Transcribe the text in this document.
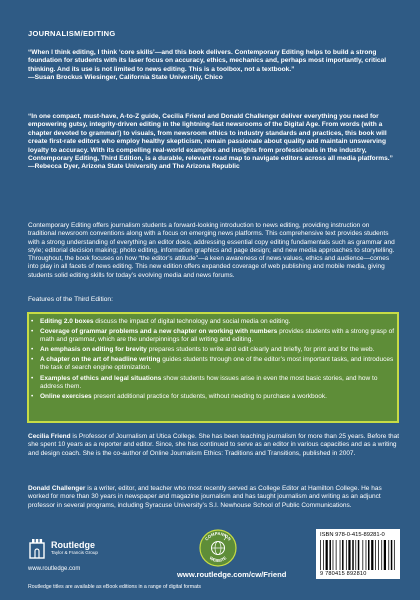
JOURNALISM/EDITING
“When I think editing, I think ‘core skills’—and this book delivers. Contemporary Editing helps to build a strong foundation for students with its laser focus on accuracy, ethics, mechanics and, perhaps most importantly, critical thinking. And its use is not limited to news editing. This is a toolbox, not a textbook.”
—Susan Brockus Wiesinger, California State University, Chico
“In one compact, must-have, A-to-Z guide, Cecilia Friend and Donald Challenger deliver everything you need for empowering gutsy, integrity-driven editing in the lightning-fast newsrooms of the Digital Age. From words (with a chapter devoted to grammar!) to visuals, from newsroom ethics to industry standards and practices, this book will create first-rate editors who employ healthy skepticism, remain passionate about quality and maintain unswerving loyalty to accuracy. With its compelling real-world examples and insights from professionals in the industry, Contemporary Editing, Third Edition, is a durable, relevant road map to navigate editors across all media platforms.”
—Rebecca Dyer, Arizona State University and The Arizona Republic
Contemporary Editing offers journalism students a forward-looking introduction to news editing, providing instruction on traditional newsroom conventions along with a focus on emerging news platforms. This comprehensive text provides students with a strong understanding of everything an editor does, addressing essential copy editing fundamentals such as grammar and style; editorial decision making; photo editing, information graphics and page design; and new media approaches to storytelling. Throughout, the book focuses on how “the editor’s attitude”—a keen awareness of news values, ethics and audience—comes into play in all facets of news editing. This new edition offers expanded coverage of web publishing and mobile media, giving students solid editing skills for today’s evolving media and news forums.
Features of the Third Edition:
• Editing 2.0 boxes discuss the impact of digital technology and social media on editing.
• Coverage of grammar problems and a new chapter on working with numbers provides students with a strong grasp of math and grammar, which are the underpinnings for all writing and editing.
• An emphasis on editing for brevity prepares students to write and edit clearly and briefly, for print and for the web.
• A chapter on the art of headline writing guides students through one of the editor’s most important tasks, and introduces the task of search engine optimization.
• Examples of ethics and legal situations show students how issues arise in even the most basic stories, and how to address them.
• Online exercises present additional practice for students, without needing to purchase a workbook.
Cecilia Friend is Professor of Journalism at Utica College. She has been teaching journalism for more than 25 years. Before that she spent 10 years as a reporter and editor. Since, she has continued to serve as an editor in various capacities and as a writing and design coach. She is the co-author of Online Journalism Ethics: Traditions and Transitions, published in 2007.
Donald Challenger is a writer, editor, and teacher who most recently served as College Editor at Hamilton College. He has worked for more than 30 years in newspaper and magazine journalism and has taught journalism and writing as an adjunct professor in several programs, including Syracuse University’s S.I. Newhouse School of Public Communications.
Routledge
Taylor & Francis Group
www.routledge.com
COMPANION
WEBSITE
www.routledge.com/cw/Friend
ISBN 978-0-415-89281-0
9 780415 892810
Routledge titles are available as eBook editions in a range of digital formats
